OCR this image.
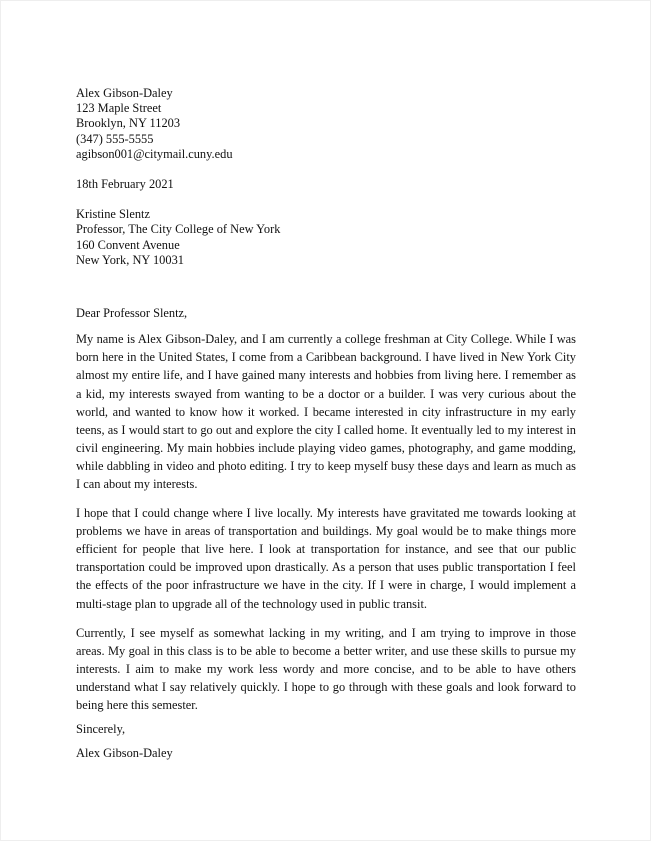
Alex Gibson-Daley

123 Maple Street

Brooklyn, NY 11203

(347) 555-5555

agibson001@citymail.cuny.edu

18th February 2021

Kristine Slentz

Professor, The City College of New York

160 Convent Avenue

New York, NY 10031

Dear Professor Slentz,

My name is Alex Gibson-Daley, and I am currently a college freshman at City College. While I was born here in the United States, I come from a Caribbean background. I have lived in New York City almost my entire life, and I have gained many interests and hobbies from living here. I remember as a kid, my interests swayed from wanting to be a doctor or a builder. I was very curious about the world, and wanted to know how it worked. I became interested in city infrastructure in my early teens, as I would start to go out and explore the city I called home. It eventually led to my interest in civil engineering. My main hobbies include playing video games, photography, and game modding, while dabbling in video and photo editing. I try to keep myself busy these days and learn as much as I can about my interests.

I hope that I could change where I live locally. My interests have gravitated me towards looking at problems we have in areas of transportation and buildings. My goal would be to make things more efficient for people that live here. I look at transportation for instance, and see that our public transportation could be improved upon drastically. As a person that uses public transportation I feel the effects of the poor infrastructure we have in the city. If I were in charge, I would implement a multi-stage plan to upgrade all of the technology used in public transit.

Currently, I see myself as somewhat lacking in my writing, and I am trying to improve in those areas. My goal in this class is to be able to become a better writer, and use these skills to pursue my interests. I aim to make my work less wordy and more concise, and to be able to have others understand what I say relatively quickly. I hope to go through with these goals and look forward to being here this semester.

Sincerely,

Alex Gibson-Daley
